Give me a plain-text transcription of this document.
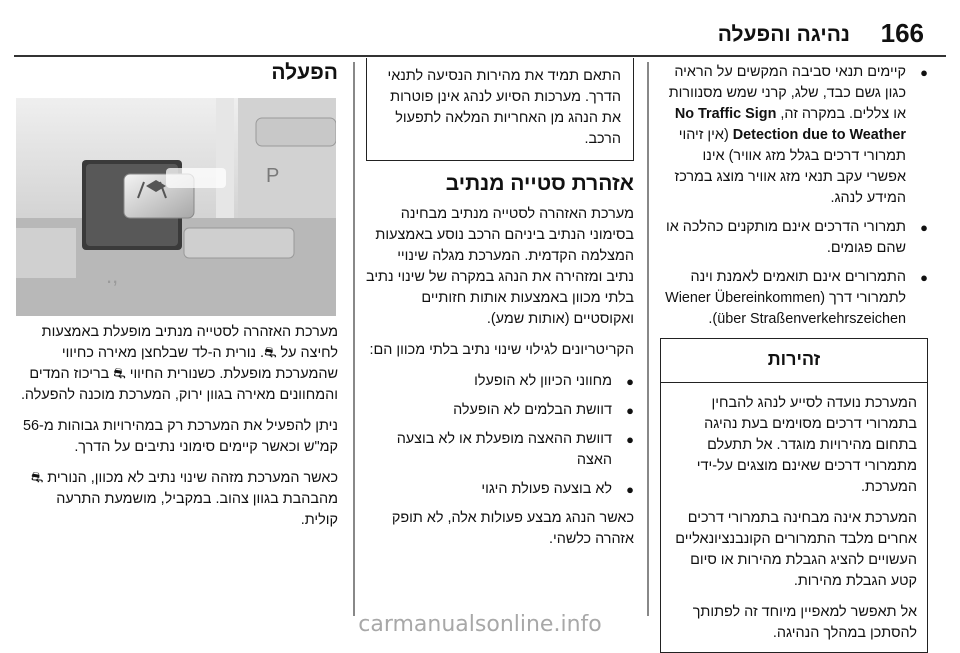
166
נהיגה והפעלה
● קיימים תנאי סביבה המקשים על הראיה כגון גשם כבד, שלג, קרני שמש מסנוורות או צללים. במקרה זה, No Traffic Sign Detection due to Weather (אין זיהוי תמרורי דרכים בגלל מזג אוויר) אינו אפשרי עקב תנאי מזג אוויר מוצג במרכז המידע לנהג.
● תמרורי הדרכים אינם מותקנים כהלכה או שהם פגומים.
● התמרורים אינם תואמים לאמנת וינה לתמרורי דרך (Wiener Übereinkommen über Straßenverkehrszeichen).
זהירות

המערכת נועדה לסייע לנהג להבחין בתמרורי דרכים מסוימים בעת נהיגה בתחום מהירויות מוגדר. אל תתעלם מתמרורי דרכים שאינם מוצגים על-ידי המערכת.

המערכת אינה מבחינה בתמרורי דרכים אחרים מלבד התמרורים הקונבנציונאליים העשויים להציג הגבלת מהירות או סיום קטע הגבלת מהירות.

אל תאפשר למאפיין מיוחד זה לפתותך להסתכן במהלך הנהיגה.

התאם תמיד את מהירות הנסיעה לתנאי הדרך. מערכות הסיוע לנהג אינן פוטרות את הנהג מן האחריות המלאה לתפעול הרכב.
אזהרת סטייה מנתיב

מערכת האזהרה לסטייה מנתיב מבחינה בסימוני הנתיב ביניהם הרכב נוסע באמצעות המצלמה הקדמית. המערכת מגלה שינויי נתיב ומזהירה את הנהג במקרה של שינוי נתיב בלתי מכוון באמצעות אותות חזותיים ואקוסטיים (אותות שמע).

הקריטריונים לגילוי שינוי נתיב בלתי מכוון הם:

● מחווני הכיוון לא הופעלו
● דוושת הבלמים לא הופעלה
● דוושת ההאצה מופעלת או לא בוצעה האצה
● לא בוצעה פעולת היגוי

כאשר הנהג מבצע פעולות אלה, לא תופק אזהרה כלשהי.

הפעלה
P
.,

מערכת האזהרה לסטייה מנתיב מופעלת באמצעות לחיצה על ⛐. נורית ה-לד שבלחצן מאירה כחיווי שהמערכת מופעלת. כשנורית החיווי ⛐ בריכוז המדים והמחוונים מאירה בגוון ירוק, המערכת מוכנה להפעלה.

ניתן להפעיל את המערכת רק במהירויות גבוהות מ-56 קמ"ש וכאשר קיימים סימוני נתיבים על הדרך.

כאשר המערכת מזהה שינוי נתיב לא מכוון, הנורית ⛐ מהבהבת בגוון צהוב. במקביל, מושמעת התרעה קולית.

carmanualsonline.info
